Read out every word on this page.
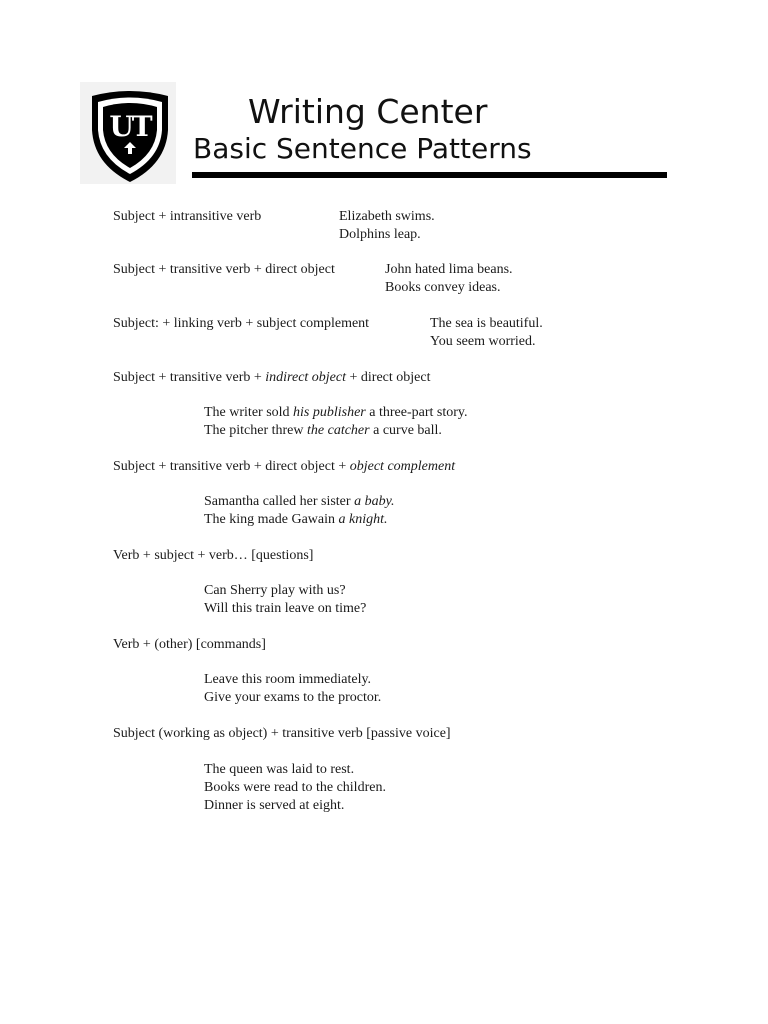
UT	Writing Center
Basic Sentence Patterns
Subject + intransitive verb	Elizabeth swims.
Dolphins leap.
Subject + transitive verb + direct object	John hated lima beans.
Books convey ideas.
Subject: + linking verb + subject complement	The sea is beautiful.
You seem worried.
Subject + transitive verb + indirect object + direct object
The writer sold his publisher a three-part story.
The pitcher threw the catcher a curve ball.
Subject + transitive verb + direct object + object complement
Samantha called her sister a baby.
The king made Gawain a knight.
Verb + subject + verb… [questions]
Can Sherry play with us?
Will this train leave on time?
Verb + (other) [commands]
Leave this room immediately.
Give your exams to the proctor.
Subject (working as object) + transitive verb [passive voice]
The queen was laid to rest.
Books were read to the children.
Dinner is served at eight.
